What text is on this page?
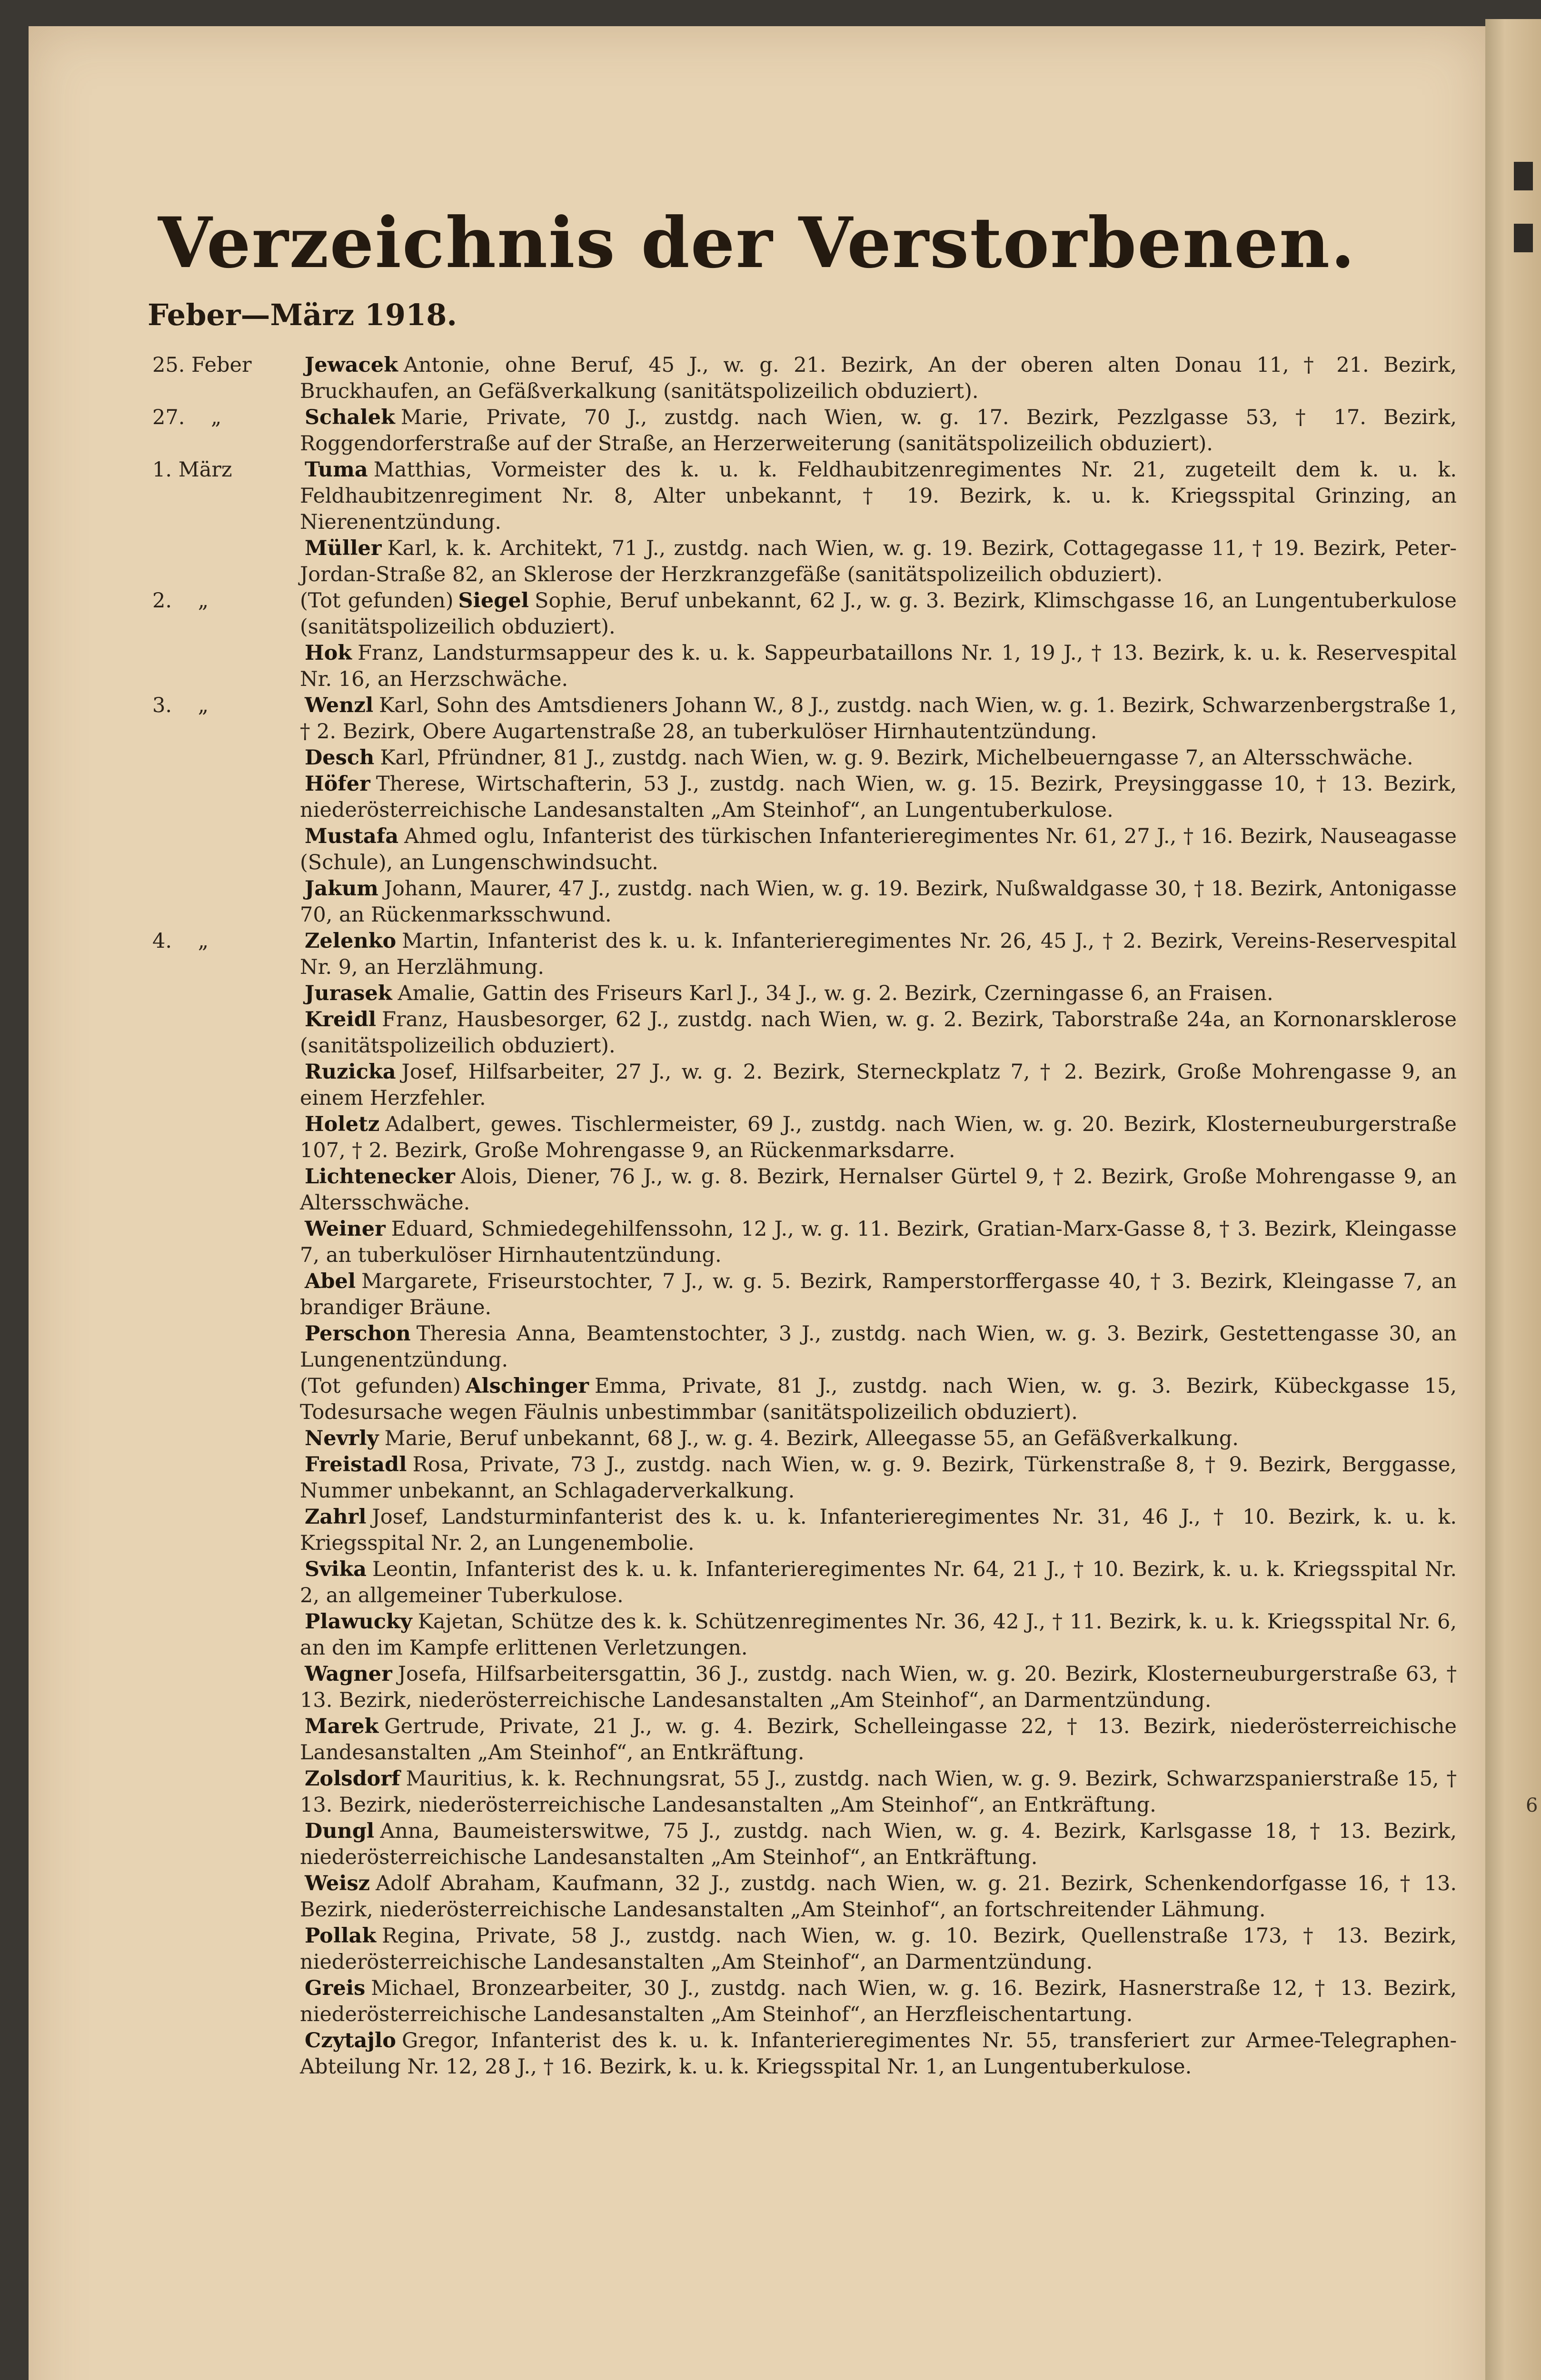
Verzeichnis der Verstorbenen.
Feber—März 1918.
25. Feber	Jewacek Antonie, ohne Beruf, 45 J., w. g. 21. Bezirk, An der oberen alten Donau 11, † 21. Bezirk, Bruckhaufen, an Gefäßverkalkung (sanitätspolizeilich obduziert).
27.    „	Schalek Marie, Private, 70 J., zustdg. nach Wien, w. g. 17. Bezirk, Pezzlgasse 53, † 17. Bezirk, Roggendorferstraße auf der Straße, an Herzerweiterung (sanitätspolizeilich obduziert).
1. März	Tuma Matthias, Vormeister des k. u. k. Feldhaubitzenregimentes Nr. 21, zugeteilt dem k. u. k. Feldhaubitzenregiment Nr. 8, Alter unbekannt, † 19. Bezirk, k. u. k. Kriegsspital Grinzing, an Nierenentzündung.
Müller Karl, k. k. Architekt, 71 J., zustdg. nach Wien, w. g. 19. Bezirk, Cottagegasse 11, † 19. Bezirk, Peter-Jordan-Straße 82, an Sklerose der Herzkranzgefäße (sanitätspolizeilich obduziert).
2.    „	(Tot gefunden) Siegel Sophie, Beruf unbekannt, 62 J., w. g. 3. Bezirk, Klimschgasse 16, an Lungentuberkulose (sanitätspolizeilich obduziert).
Hok Franz, Landsturmsappeur des k. u. k. Sappeurbataillons Nr. 1, 19 J., † 13. Bezirk, k. u. k. Reservespital Nr. 16, an Herzschwäche.
3.    „	Wenzl Karl, Sohn des Amtsdieners Johann W., 8 J., zustdg. nach Wien, w. g. 1. Bezirk, Schwarzenbergstraße 1, † 2. Bezirk, Obere Augartenstraße 28, an tuberkulöser Hirnhautentzündung.
Desch Karl, Pfründner, 81 J., zustdg. nach Wien, w. g. 9. Bezirk, Michelbeuerngasse 7, an Altersschwäche.
Höfer Therese, Wirtschafterin, 53 J., zustdg. nach Wien, w. g. 15. Bezirk, Preysinggasse 10, † 13. Bezirk, niederösterreichische Landesanstalten „Am Steinhof“, an Lungentuberkulose.
Mustafa Ahmed oglu, Infanterist des türkischen Infanterieregimentes Nr. 61, 27 J., † 16. Bezirk, Nauseagasse (Schule), an Lungenschwindsucht.
Jakum Johann, Maurer, 47 J., zustdg. nach Wien, w. g. 19. Bezirk, Nußwaldgasse 30, † 18. Bezirk, Antonigasse 70, an Rückenmarksschwund.
4.    „	Zelenko Martin, Infanterist des k. u. k. Infanterieregimentes Nr. 26, 45 J., † 2. Bezirk, Vereins-Reservespital Nr. 9, an Herzlähmung.
Jurasek Amalie, Gattin des Friseurs Karl J., 34 J., w. g. 2. Bezirk, Czerningasse 6, an Fraisen.
Kreidl Franz, Hausbesorger, 62 J., zustdg. nach Wien, w. g. 2. Bezirk, Taborstraße 24a, an Kornonarsklerose (sanitätspolizeilich obduziert).
Ruzicka Josef, Hilfsarbeiter, 27 J., w. g. 2. Bezirk, Sterneckplatz 7, † 2. Bezirk, Große Mohrengasse 9, an einem Herzfehler.
Holetz Adalbert, gewes. Tischlermeister, 69 J., zustdg. nach Wien, w. g. 20. Bezirk, Klosterneuburgerstraße 107, † 2. Bezirk, Große Mohrengasse 9, an Rückenmarksdarre.
Lichtenecker Alois, Diener, 76 J., w. g. 8. Bezirk, Hernalser Gürtel 9, † 2. Bezirk, Große Mohrengasse 9, an Altersschwäche.
Weiner Eduard, Schmiedegehilfenssohn, 12 J., w. g. 11. Bezirk, Gratian-Marx-Gasse 8, † 3. Bezirk, Kleingasse 7, an tuberkulöser Hirnhautentzündung.
Abel Margarete, Friseurstochter, 7 J., w. g. 5. Bezirk, Ramperstorffergasse 40, † 3. Bezirk, Kleingasse 7, an brandiger Bräune.
Perschon Theresia Anna, Beamtenstochter, 3 J., zustdg. nach Wien, w. g. 3. Bezirk, Gestettengasse 30, an Lungenentzündung.
(Tot gefunden) Alschinger Emma, Private, 81 J., zustdg. nach Wien, w. g. 3. Bezirk, Kübeckgasse 15, Todesursache wegen Fäulnis unbestimmbar (sanitätspolizeilich obduziert).
Nevrly Marie, Beruf unbekannt, 68 J., w. g. 4. Bezirk, Alleegasse 55, an Gefäßverkalkung.
Freistadl Rosa, Private, 73 J., zustdg. nach Wien, w. g. 9. Bezirk, Türkenstraße 8, † 9. Bezirk, Berggasse, Nummer unbekannt, an Schlagaderverkalkung.
Zahrl Josef, Landsturminfanterist des k. u. k. Infanterieregimentes Nr. 31, 46 J., † 10. Bezirk, k. u. k. Kriegsspital Nr. 2, an Lungenembolie.
Svika Leontin, Infanterist des k. u. k. Infanterieregimentes Nr. 64, 21 J., † 10. Bezirk, k. u. k. Kriegsspital Nr. 2, an allgemeiner Tuberkulose.
Plawucky Kajetan, Schütze des k. k. Schützenregimentes Nr. 36, 42 J., † 11. Bezirk, k. u. k. Kriegsspital Nr. 6, an den im Kampfe erlittenen Verletzungen.
Wagner Josefa, Hilfsarbeitersgattin, 36 J., zustdg. nach Wien, w. g. 20. Bezirk, Klosterneuburgerstraße 63, † 13. Bezirk, niederösterreichische Landesanstalten „Am Steinhof“, an Darmentzündung.
Marek Gertrude, Private, 21 J., w. g. 4. Bezirk, Schelleingasse 22, † 13. Bezirk, niederösterreichische Landesanstalten „Am Steinhof“, an Entkräftung.
Zolsdorf Mauritius, k. k. Rechnungsrat, 55 J., zustdg. nach Wien, w. g. 9. Bezirk, Schwarzspanierstraße 15, † 13. Bezirk, niederösterreichische Landesanstalten „Am Steinhof“, an Entkräftung.
Dungl Anna, Baumeisterswitwe, 75 J., zustdg. nach Wien, w. g. 4. Bezirk, Karlsgasse 18, † 13. Bezirk, niederösterreichische Landesanstalten „Am Steinhof“, an Entkräftung.
Weisz Adolf Abraham, Kaufmann, 32 J., zustdg. nach Wien, w. g. 21. Bezirk, Schenkendorfgasse 16, † 13. Bezirk, niederösterreichische Landesanstalten „Am Steinhof“, an fortschreitender Lähmung.
Pollak Regina, Private, 58 J., zustdg. nach Wien, w. g. 10. Bezirk, Quellenstraße 173, † 13. Bezirk, niederösterreichische Landesanstalten „Am Steinhof“, an Darmentzündung.
Greis Michael, Bronzearbeiter, 30 J., zustdg. nach Wien, w. g. 16. Bezirk, Hasnerstraße 12, † 13. Bezirk, niederösterreichische Landesanstalten „Am Steinhof“, an Herzfleischentartung.
Czytajlo Gregor, Infanterist des k. u. k. Infanterieregimentes Nr. 55, transferiert zur Armee-Telegraphen-Abteilung Nr. 12, 28 J., † 16. Bezirk, k. u. k. Kriegsspital Nr. 1, an Lungentuberkulose.
6
